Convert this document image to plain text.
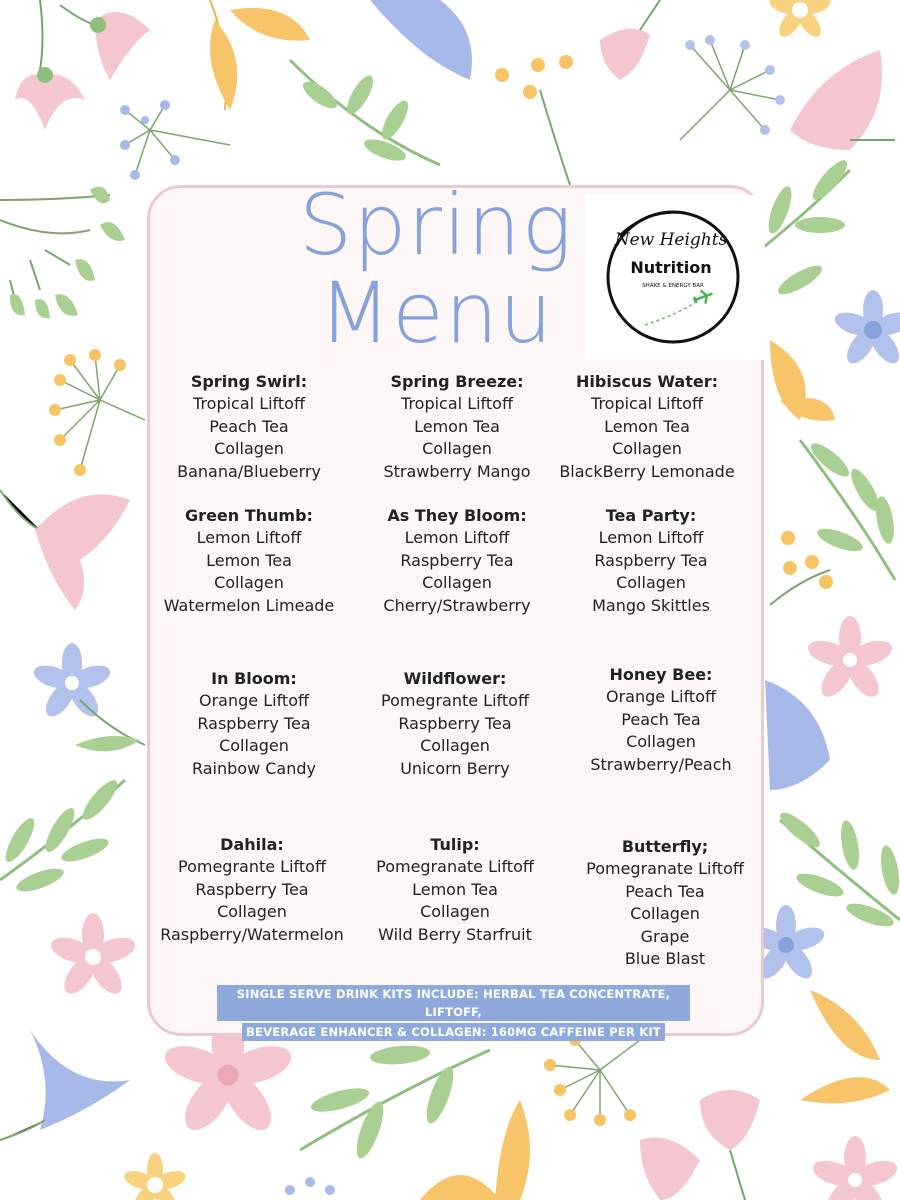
Spring
Menu
New Heights
Nutrition
SHAKE & ENERGY BAR
Spring Swirl:
Tropical Liftoff
Peach Tea
Collagen
Banana/Blueberry
Spring Breeze:
Tropical Liftoff
Lemon Tea
Collagen
Strawberry Mango
Hibiscus Water:
Tropical Liftoff
Lemon Tea
Collagen
BlackBerry Lemonade
Green Thumb:
Lemon Liftoff
Lemon Tea
Collagen
Watermelon Limeade
As They Bloom:
Lemon Liftoff
Raspberry Tea
Collagen
Cherry/Strawberry
Tea Party:
Lemon Liftoff
Raspberry Tea
Collagen
Mango Skittles
In Bloom:
Orange Liftoff
Raspberry Tea
Collagen
Rainbow Candy
Wildflower:
Pomegrante Liftoff
Raspberry Tea
Collagen
Unicorn Berry
Honey Bee:
Orange Liftoff
Peach Tea
Collagen
Strawberry/Peach
Dahila:
Pomegrante Liftoff
Raspberry Tea
Collagen
Raspberry/Watermelon
Tulip:
Pomegranate Liftoff
Lemon Tea
Collagen
Wild Berry Starfruit
Butterfly;
Pomegranate Liftoff
Peach Tea
Collagen
Grape
Blue Blast
SINGLE SERVE DRINK KITS INCLUDE: HERBAL TEA CONCENTRATE, LIFTOFF,
BEVERAGE ENHANCER & COLLAGEN: 160MG CAFFEINE PER KIT
